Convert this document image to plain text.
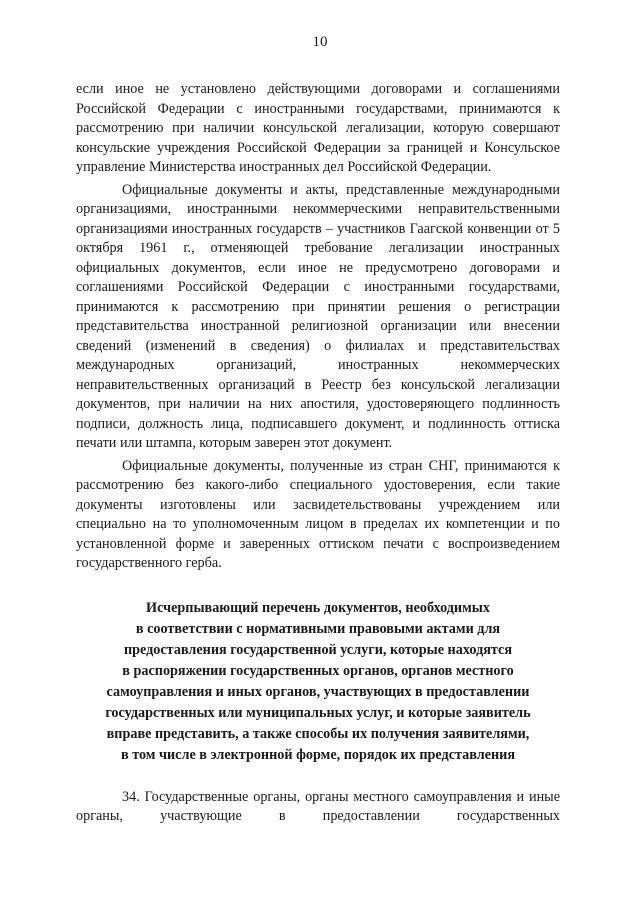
10

если иное не установлено действующими договорами и соглашениями Российской Федерации с иностранными государствами, принимаются к рассмотрению при наличии консульской легализации, которую совершают консульские учреждения Российской Федерации за границей и Консульское управление Министерства иностранных дел Российской Федерации.

Официальные документы и акты, представленные международными организациями, иностранными некоммерческими неправительственными организациями иностранных государств – участников Гаагской конвенции от 5 октября 1961 г., отменяющей требование легализации иностранных официальных документов, если иное не предусмотрено договорами и соглашениями Российской Федерации с иностранными государствами, принимаются к рассмотрению при принятии решения о регистрации представительства иностранной религиозной организации или внесении сведений (изменений в сведения) о филиалах и представительствах международных организаций, иностранных некоммерческих неправительственных организаций в Реестр без консульской легализации документов, при наличии на них апостиля, удостоверяющего подлинность подписи, должность лица, подписавшего документ, и подлинность оттиска печати или штампа, которым заверен этот документ.

Официальные документы, полученные из стран СНГ, принимаются к рассмотрению без какого-либо специального удостоверения, если такие документы изготовлены или засвидетельствованы учреждением или специально на то уполномоченным лицом в пределах их компетенции и по установленной форме и заверенных оттиском печати с воспроизведением государственного герба.

Исчерпывающий перечень документов, необходимых
в соответствии с нормативными правовыми актами для
предоставления государственной услуги, которые находятся
в распоряжении государственных органов, органов местного
самоуправления и иных органов, участвующих в предоставлении
государственных или муниципальных услуг, и которые заявитель
вправе представить, а также способы их получения заявителями,
в том числе в электронной форме, порядок их представления

34. Государственные органы, органы местного самоуправления и иные органы, участвующие в предоставлении государственных
